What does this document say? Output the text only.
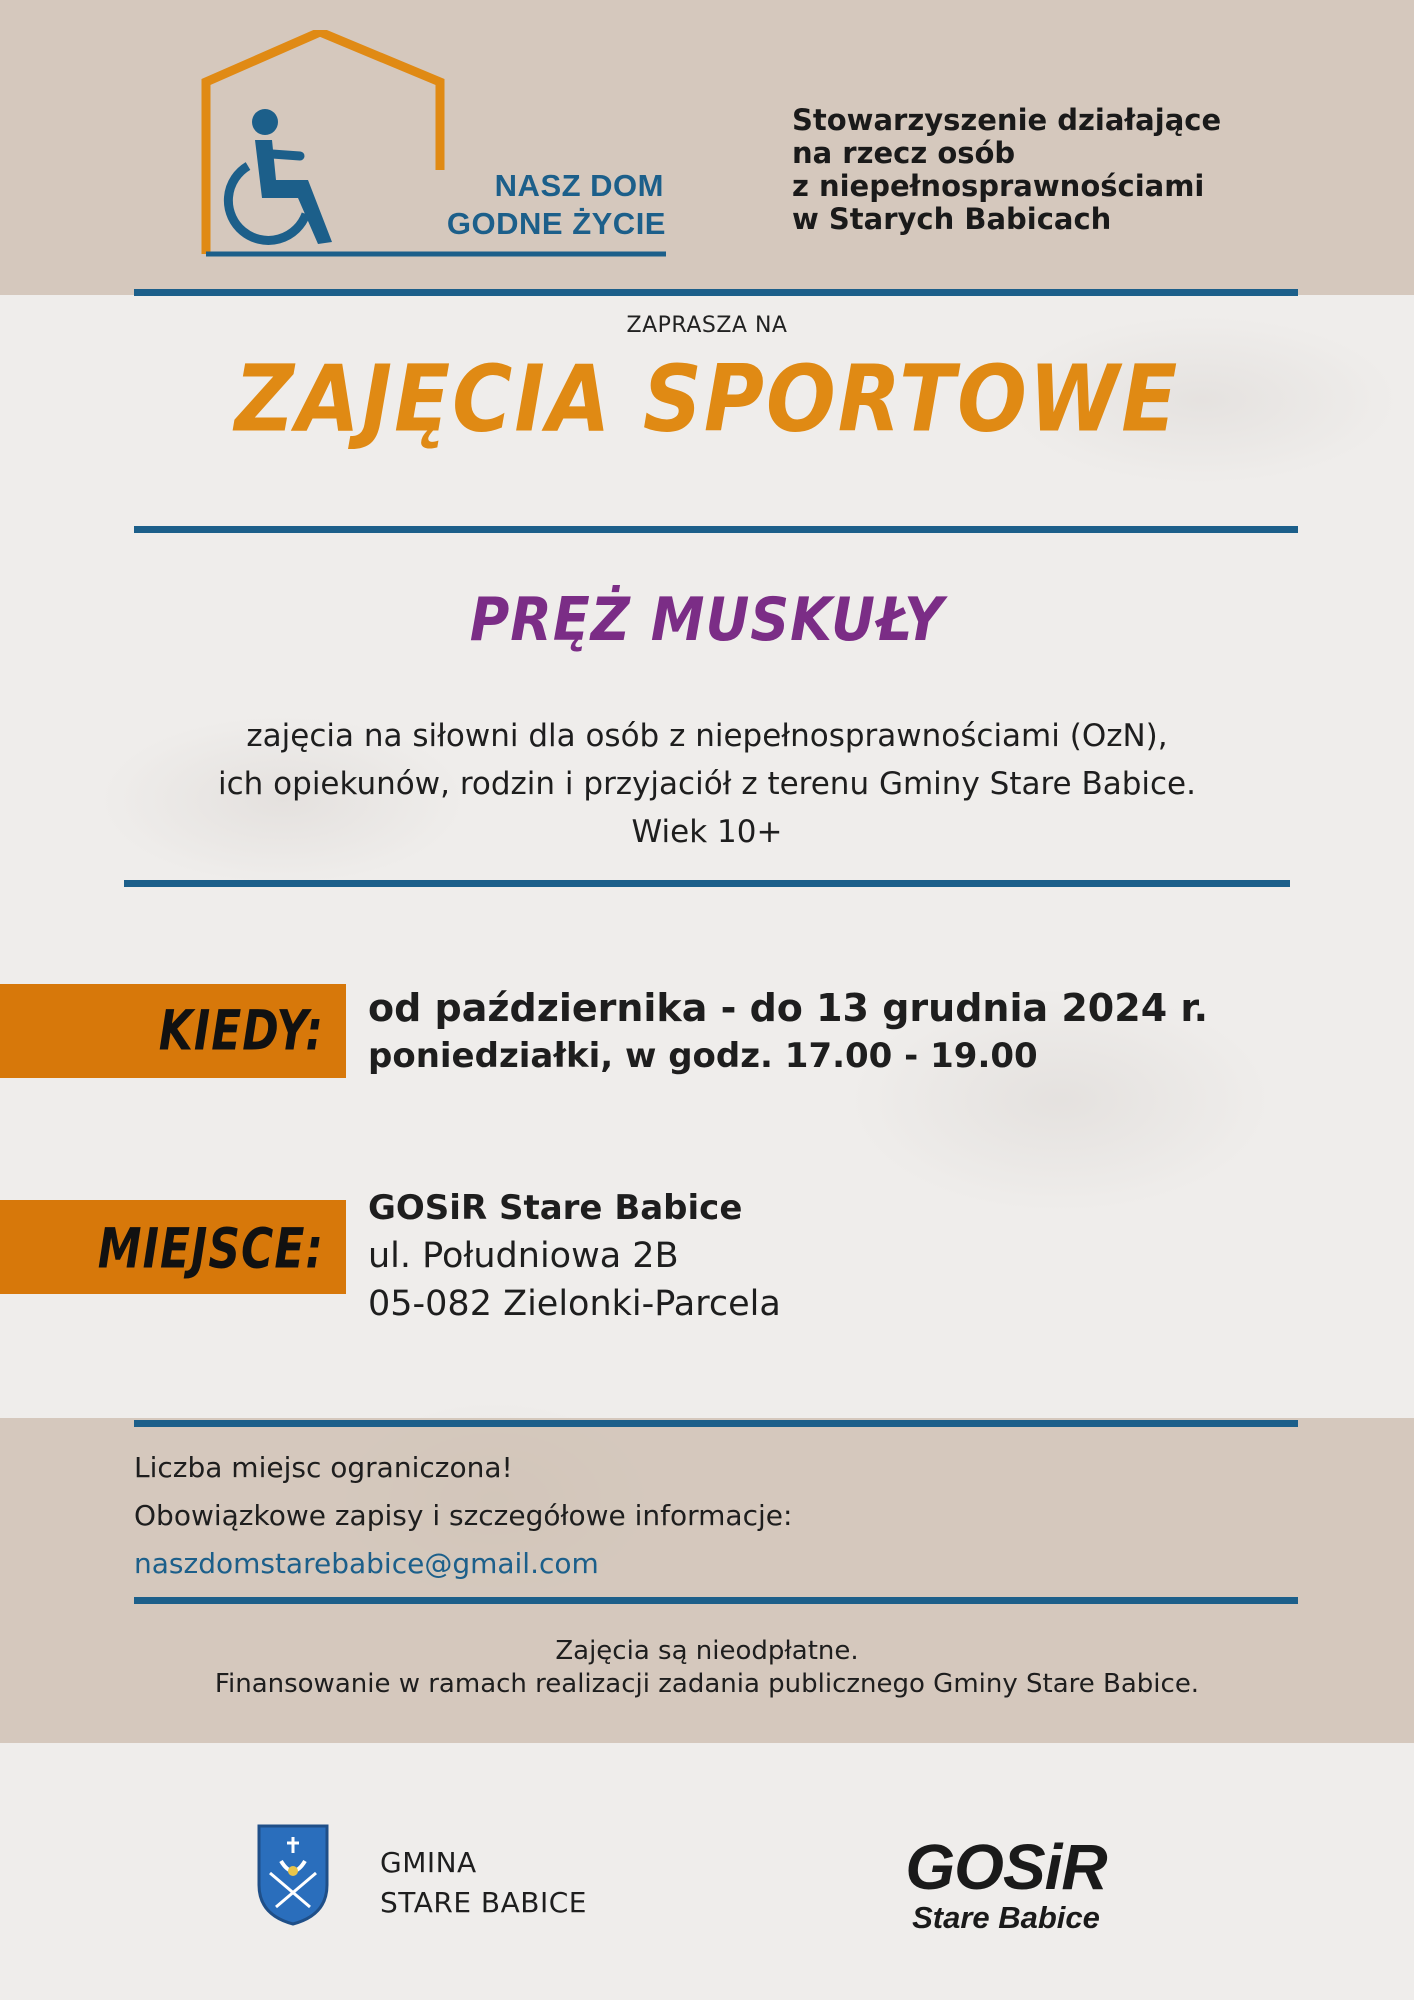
NASZ DOM
GODNE ŻYCIE
Stowarzyszenie działające
na rzecz osób
z niepełnosprawnościami
w Starych Babicach
ZAPRASZA NA
ZAJĘCIA SPORTOWE
PRĘŻ MUSKUŁY
zajęcia na siłowni dla osób z niepełnosprawnościami (OzN),
ich opiekunów, rodzin i przyjaciół z terenu Gminy Stare Babice.
Wiek 10+
KIEDY: od października - do 13 grudnia 2024 r.
poniedziałki, w godz. 17.00 - 19.00
MIEJSCE:
GOSiR Stare Babice
ul. Południowa 2B
05-082 Zielonki-Parcela
Liczba miejsc ograniczona!
Obowiązkowe zapisy i szczegółowe informacje:
naszdomstarebabice@gmail.com
Zajęcia są nieodpłatne.
Finansowanie w ramach realizacji zadania publicznego Gminy Stare Babice.
GMINA
STARE BABICE	GOSiR
Stare Babice
